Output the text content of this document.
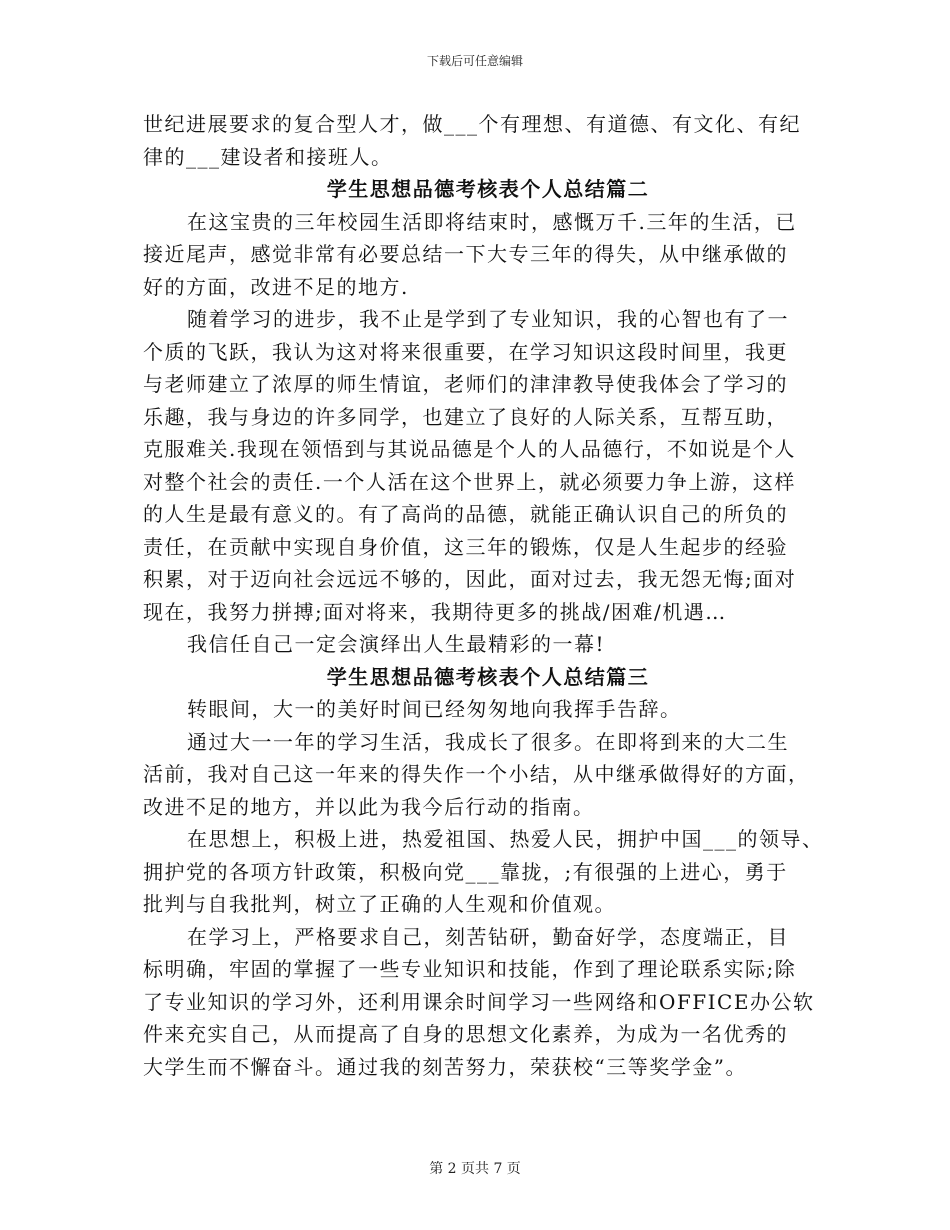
下载后可任意编辑
世纪进展要求的复合型人才，做___个有理想、有道德、有文化、有纪
律的___建设者和接班人。
学生思想品德考核表个人总结篇二
在这宝贵的三年校园生活即将结束时，感慨万千.三年的生活，已
接近尾声，感觉非常有必要总结一下大专三年的得失，从中继承做的
好的方面，改进不足的地方.
随着学习的进步，我不止是学到了专业知识，我的心智也有了一
个质的飞跃，我认为这对将来很重要，在学习知识这段时间里，我更
与老师建立了浓厚的师生情谊，老师们的津津教导使我体会了学习的
乐趣，我与身边的许多同学，也建立了良好的人际关系，互帮互助，
克服难关.我现在领悟到与其说品德是个人的人品德行，不如说是个人
对整个社会的责任.一个人活在这个世界上，就必须要力争上游，这样
的人生是最有意义的。有了高尚的品德，就能正确认识自己的所负的
责任，在贡献中实现自身价值，这三年的锻炼，仅是人生起步的经验
积累，对于迈向社会远远不够的，因此，面对过去，我无怨无悔;面对
现在，我努力拼搏;面对将来，我期待更多的挑战/困难/机遇…
我信任自己一定会演绎出人生最精彩的一幕!
学生思想品德考核表个人总结篇三
转眼间，大一的美好时间已经匆匆地向我挥手告辞。
通过大一一年的学习生活，我成长了很多。在即将到来的大二生
活前，我对自己这一年来的得失作一个小结，从中继承做得好的方面，
改进不足的地方，并以此为我今后行动的指南。
在思想上，积极上进，热爱祖国、热爱人民，拥护中国___的领导、
拥护党的各项方针政策，积极向党___靠拢，;有很强的上进心，勇于
批判与自我批判，树立了正确的人生观和价值观。
在学习上，严格要求自己，刻苦钻研，勤奋好学，态度端正，目
标明确，牢固的掌握了一些专业知识和技能，作到了理论联系实际;除
了专业知识的学习外，还利用课余时间学习一些网络和OFFICE办公软
件来充实自己，从而提高了自身的思想文化素养，为成为一名优秀的
大学生而不懈奋斗。通过我的刻苦努力，荣获校“三等奖学金”。
第 2 页共 7 页
